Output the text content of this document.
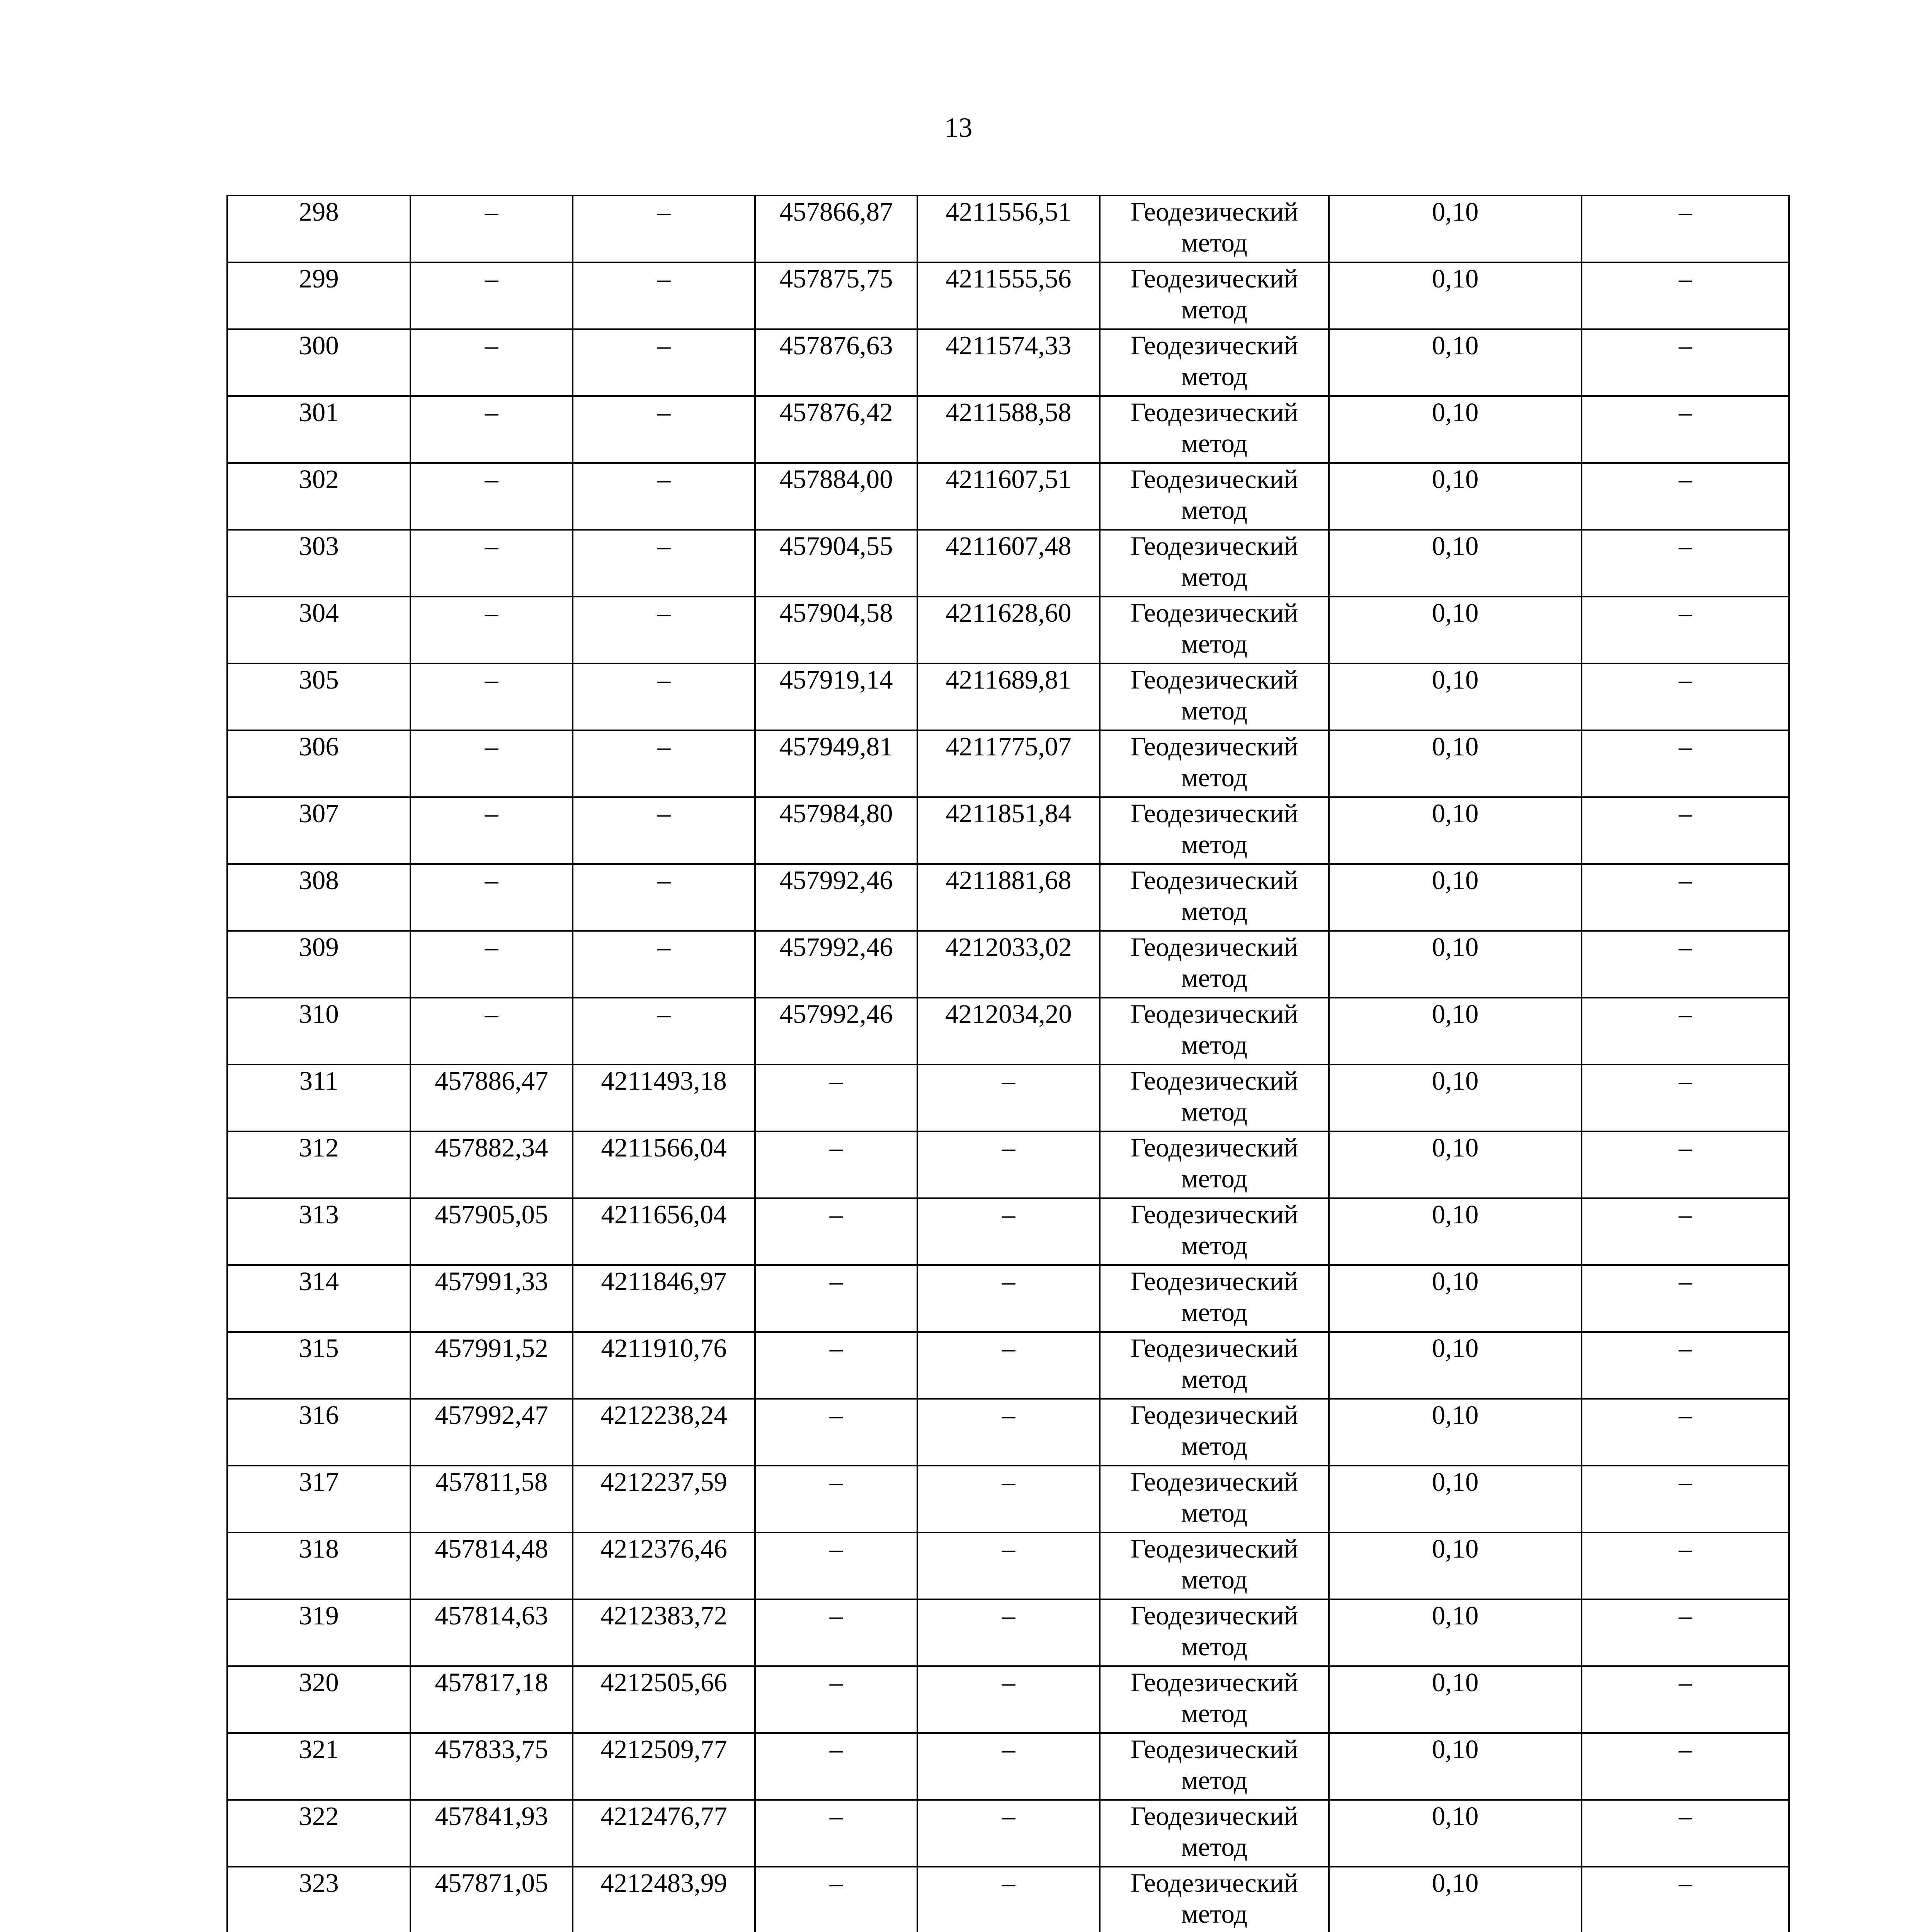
13
298	–	–	457866,87	4211556,51	Геодезический метод	0,10	–
299	–	–	457875,75	4211555,56	Геодезический метод	0,10	–
300	–	–	457876,63	4211574,33	Геодезический метод	0,10	–
301	–	–	457876,42	4211588,58	Геодезический метод	0,10	–
302	–	–	457884,00	4211607,51	Геодезический метод	0,10	–
303	–	–	457904,55	4211607,48	Геодезический метод	0,10	–
304	–	–	457904,58	4211628,60	Геодезический метод	0,10	–
305	–	–	457919,14	4211689,81	Геодезический метод	0,10	–
306	–	–	457949,81	4211775,07	Геодезический метод	0,10	–
307	–	–	457984,80	4211851,84	Геодезический метод	0,10	–
308	–	–	457992,46	4211881,68	Геодезический метод	0,10	–
309	–	–	457992,46	4212033,02	Геодезический метод	0,10	–
310	–	–	457992,46	4212034,20	Геодезический метод	0,10	–
311	457886,47	4211493,18	–	–	Геодезический метод	0,10	–
312	457882,34	4211566,04	–	–	Геодезический метод	0,10	–
313	457905,05	4211656,04	–	–	Геодезический метод	0,10	–
314	457991,33	4211846,97	–	–	Геодезический метод	0,10	–
315	457991,52	4211910,76	–	–	Геодезический метод	0,10	–
316	457992,47	4212238,24	–	–	Геодезический метод	0,10	–
317	457811,58	4212237,59	–	–	Геодезический метод	0,10	–
318	457814,48	4212376,46	–	–	Геодезический метод	0,10	–
319	457814,63	4212383,72	–	–	Геодезический метод	0,10	–
320	457817,18	4212505,66	–	–	Геодезический метод	0,10	–
321	457833,75	4212509,77	–	–	Геодезический метод	0,10	–
322	457841,93	4212476,77	–	–	Геодезический метод	0,10	–
323	457871,05	4212483,99	–	–	Геодезический метод	0,10	–
